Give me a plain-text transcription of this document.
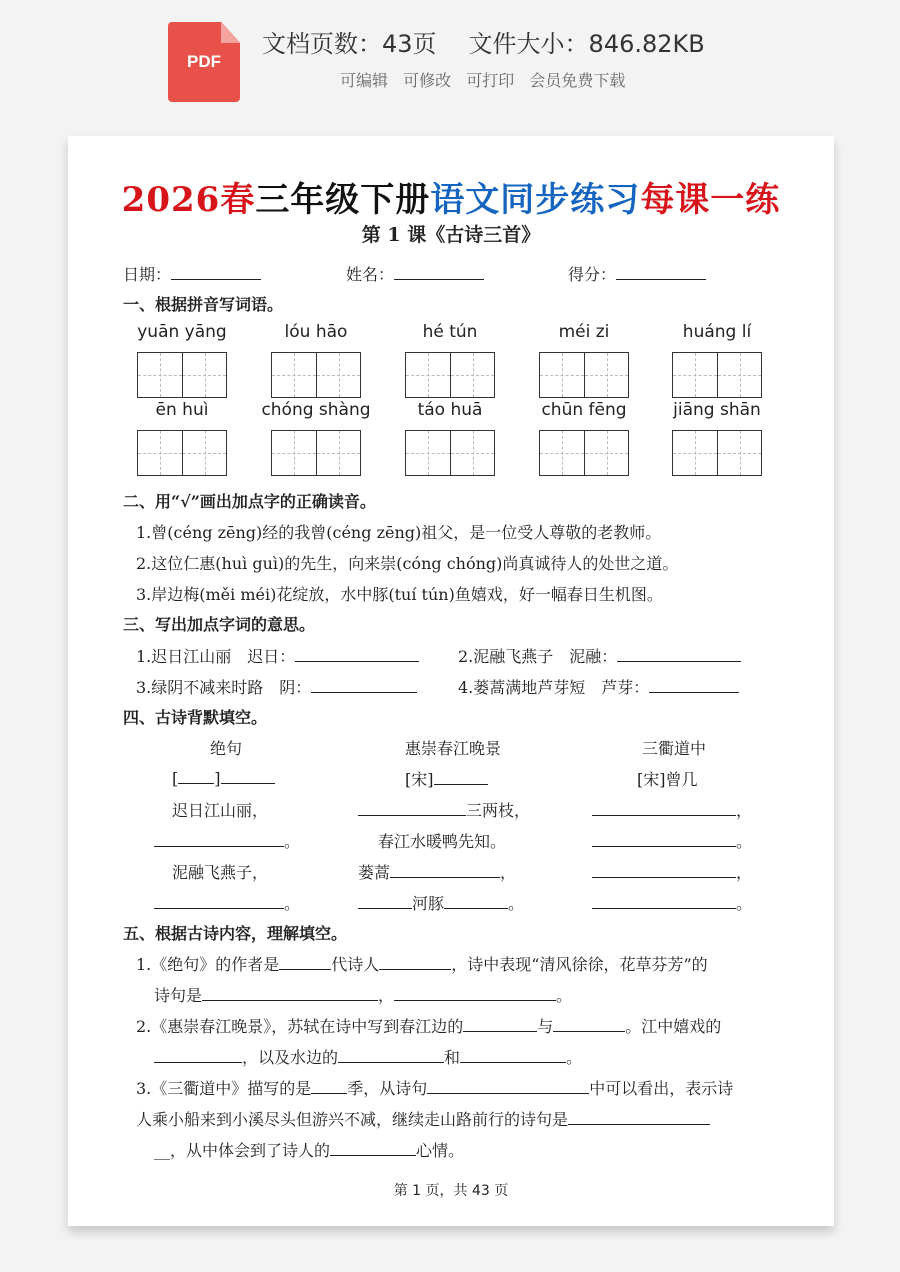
PDF
文档页数：43页 文件大小：846.82KB
可编辑 可修改 可打印 会员免费下载
2026春三年级下册语文同步练习每课一练
第 1 课《古诗三首》
日期：	姓名：	得分：
一、根据拼音写词语。
yuān yāng	lóu hāo	hé tún	méi zi	huáng lí
ēn huì	chóng shàng	táo huā	chūn fēng	jiāng shān
二、用“√”画出加点字的正确读音。
1.曾(céng zēng)经的我曾(céng zēng)祖父，是一位受人尊敬的老教师。
2.这位仁惠(huì guì)的先生，向来崇(cóng chóng)尚真诚待人的处世之道。
3.岸边梅(měi méi)花绽放，水中豚(tuí tún)鱼嬉戏，好一幅春日生机图。
三、写出加点字词的意思。
1.迟日江山丽　迟日：	2.泥融飞燕子　泥融：
3.绿阴不减来时路　阴：	4.蒌蒿满地芦芽短　芦芽：
四、古诗背默填空。
绝句	惠崇春江晚景	三衢道中
[ ]	[宋]	[宋]曾几
迟日江山丽，	三两枝，	，
。	春江水暖鸭先知。	。
泥融飞燕子，	蒌蒿	，	，
。	河豚	。	。
五、根据古诗内容，理解填空。
1.《绝句》的作者是	代诗人	，诗中表现“清风徐徐，花草芬芳”的
诗句是	，	。
2.《惠崇春江晚景》，苏轼在诗中写到春江边的	与	。江中嬉戏的
，以及水边的	和	。
3.《三衢道中》描写的是 季，从诗句	中可以看出，表示诗
人乘小船来到小溪尽头但游兴不减，继续走山路前行的诗句是
__，从中体会到了诗人的	心情。
第 1 页，共 43 页
